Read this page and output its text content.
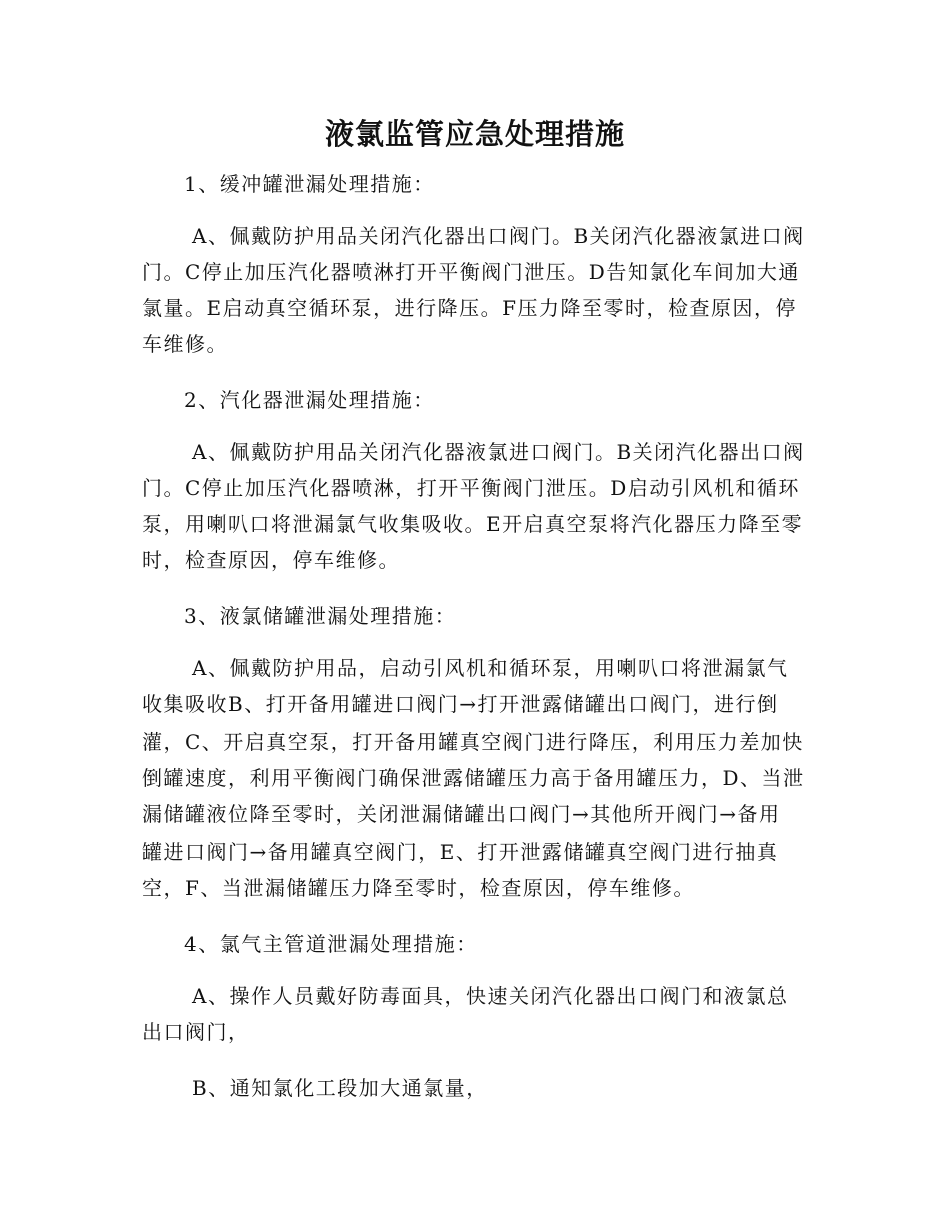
液氯监管应急处理措施

1、缓冲罐泄漏处理措施：

A、佩戴防护用品关闭汽化器出口阀门。B关闭汽化器液氯进口阀

门。C停止加压汽化器喷淋打开平衡阀门泄压。D告知氯化车间加大通

氯量。E启动真空循环泵，进行降压。F压力降至零时，检查原因，停

车维修。

2、汽化器泄漏处理措施：

A、佩戴防护用品关闭汽化器液氯进口阀门。B关闭汽化器出口阀

门。C停止加压汽化器喷淋，打开平衡阀门泄压。D启动引风机和循环

泵，用喇叭口将泄漏氯气收集吸收。E开启真空泵将汽化器压力降至零

时，检查原因，停车维修。

3、液氯储罐泄漏处理措施：

A、佩戴防护用品，启动引风机和循环泵，用喇叭口将泄漏氯气

收集吸收B、打开备用罐进口阀门→打开泄露储罐出口阀门，进行倒

灌，C、开启真空泵，打开备用罐真空阀门进行降压，利用压力差加快

倒罐速度，利用平衡阀门确保泄露储罐压力高于备用罐压力，D、当泄

漏储罐液位降至零时，关闭泄漏储罐出口阀门→其他所开阀门→备用

罐进口阀门→备用罐真空阀门，E、打开泄露储罐真空阀门进行抽真

空，F、当泄漏储罐压力降至零时，检查原因，停车维修。

4、氯气主管道泄漏处理措施：

A、操作人员戴好防毒面具，快速关闭汽化器出口阀门和液氯总

出口阀门，

B、通知氯化工段加大通氯量，
